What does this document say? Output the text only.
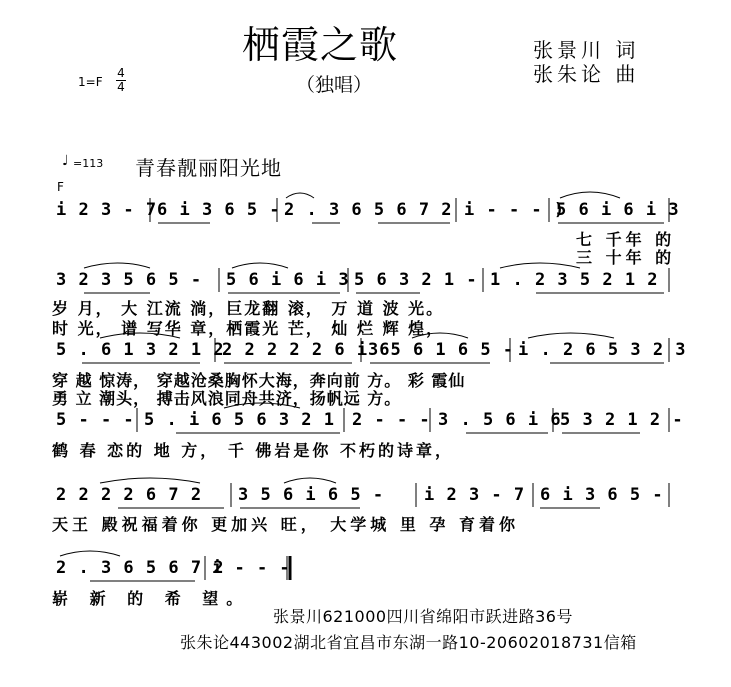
栖霞之歌
（独唱）
张景川 词
张朱论 曲
1=F
4
4
♩ =113 青春靓丽阳光地
F
i 2 3 - 7 6 i 3 6 5 - 2 . 3 6 5 6 7 2 i - - - )
5 6 i 6 i 3
七 千年 的
三 十年 的
3 2 3 5 6 5 - 5 6 i 6 i 3 5 6 3 2 1 - 1 . 2 3 5 2 1 2
岁 月， 大 江流 淌，巨龙翻 滚， 万 道 波 光。
时 光， 谱 写华 章，栖霞光 芒， 灿 烂 辉 煌，
5 . 6 1 3 2 1 2
2 2 2 2 2 6 i 6
3 5 6 1 6 5 - i . 2 6 5 3 2 3
穿 越 惊涛， 穿越沧桑胸怀大海，奔向前 方。 彩 霞仙
勇 立 潮头， 搏击风浪同舟共济，扬帆远 方。
5 - - - 5 . i 6 5 6 3 2 1 2 - - - 3 . 5 6 i 6
5 3 2 1 2 -
鹤 春 恋的 地 方， 千 佛岩是你 不朽的诗章，
2 2 2 2 6 7 2 3 5 6 i 6 5 - i 2 3 - 7 6 i 3 6 5 -
天王 殿祝福着你 更加兴 旺， 大学城 里 孕 育着你
2 . 3 6 5 6 7 2
i - - -
崭 新 的 希 望。
张景川621000四川省绵阳市跃进路36号
张朱论443002湖北省宜昌市东湖一路10-20602018731信箱
